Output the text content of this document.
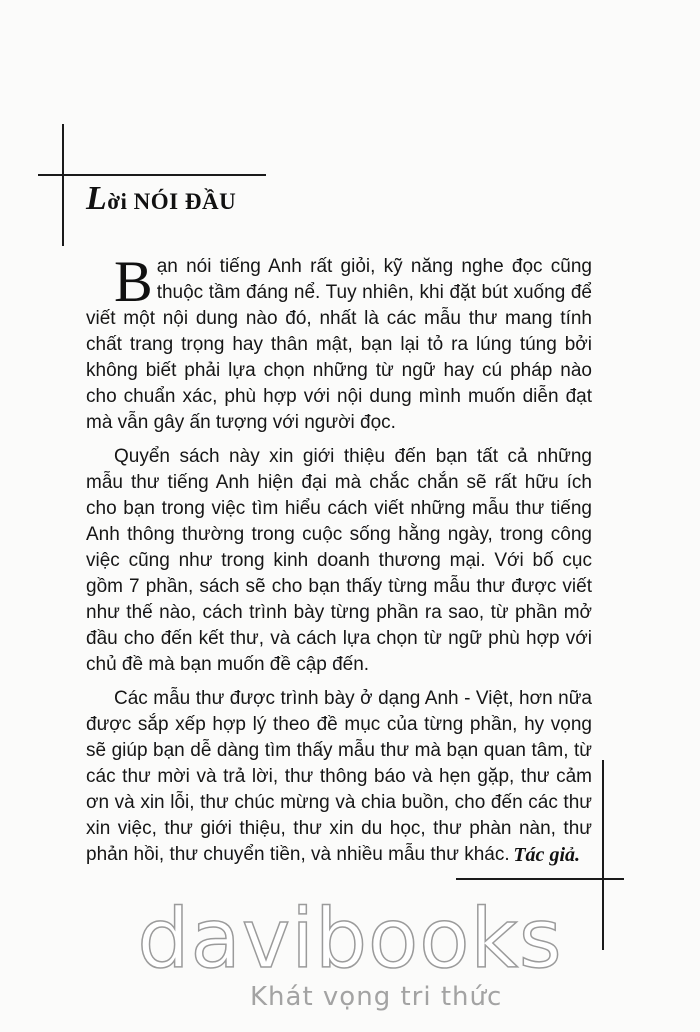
Lời NÓI ĐẦU

Bạn nói tiếng Anh rất giỏi, kỹ năng nghe đọc cũng thuộc tầm đáng nể. Tuy nhiên, khi đặt bút xuống để viết một nội dung nào đó, nhất là các mẫu thư mang tính chất trang trọng hay thân mật, bạn lại tỏ ra lúng túng bởi không biết phải lựa chọn những từ ngữ hay cú pháp nào cho chuẩn xác, phù hợp với nội dung mình muốn diễn đạt mà vẫn gây ấn tượng với người đọc.

Quyển sách này xin giới thiệu đến bạn tất cả những mẫu thư tiếng Anh hiện đại mà chắc chắn sẽ rất hữu ích cho bạn trong việc tìm hiểu cách viết những mẫu thư tiếng Anh thông thường trong cuộc sống hằng ngày, trong công việc cũng như trong kinh doanh thương mại. Với bố cục gồm 7 phần, sách sẽ cho bạn thấy từng mẫu thư được viết như thế nào, cách trình bày từng phần ra sao, từ phần mở đầu cho đến kết thư, và cách lựa chọn từ ngữ phù hợp với chủ đề mà bạn muốn đề cập đến.

Các mẫu thư được trình bày ở dạng Anh - Việt, hơn nữa được sắp xếp hợp lý theo đề mục của từng phần, hy vọng sẽ giúp bạn dễ dàng tìm thấy mẫu thư mà bạn quan tâm, từ các thư mời và trả lời, thư thông báo và hẹn gặp, thư cảm ơn và xin lỗi, thư chúc mừng và chia buồn, cho đến các thư xin việc, thư giới thiệu, thư xin du học, thư phàn nàn, thư phản hồi, thư chuyển tiền, và nhiều mẫu thư khác. Tác giả.
davibooks
Khát vọng tri thức
